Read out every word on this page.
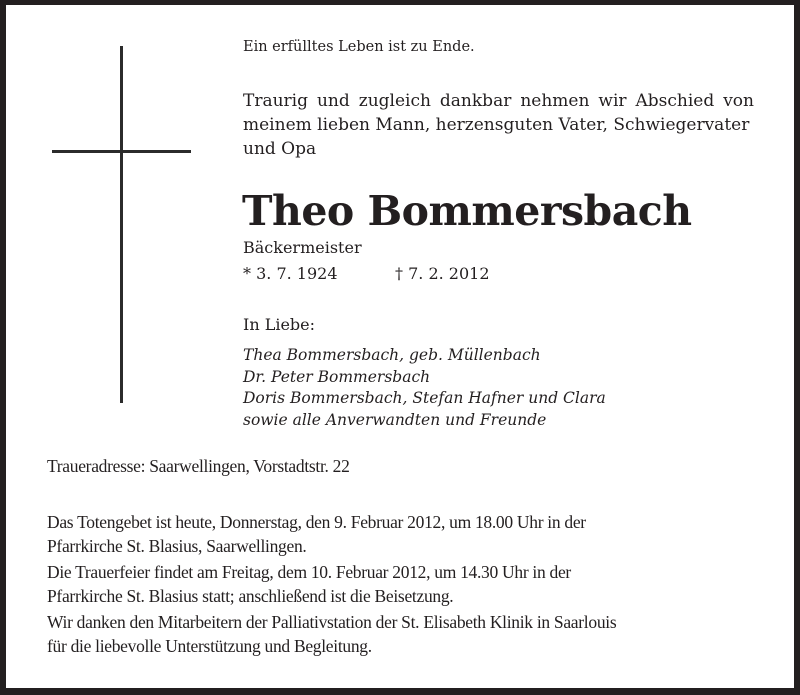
Ein erfülltes Leben ist zu Ende.
Traurig und zugleich dankbar nehmen wir Abschied von meinem lieben Mann, herzensguten Vater, Schwiegervater
und Opa
Theo Bommersbach
Bäckermeister
* 3. 7. 1924	† 7. 2. 2012
In Liebe:
Thea Bommersbach, geb. Müllenbach
Dr. Peter Bommersbach
Doris Bommersbach, Stefan Hafner und Clara
sowie alle Anverwandten und Freunde
Traueradresse: Saarwellingen, Vorstadtstr. 22
Das Totengebet ist heute, Donnerstag, den 9. Februar 2012, um 18.00 Uhr in der
Pfarrkirche St. Blasius, Saarwellingen.
Die Trauerfeier findet am Freitag, dem 10. Februar 2012, um 14.30 Uhr in der
Pfarrkirche St. Blasius statt; anschließend ist die Beisetzung.
Wir danken den Mitarbeitern der Palliativstation der St. Elisabeth Klinik in Saarlouis
für die liebevolle Unterstützung und Begleitung.
